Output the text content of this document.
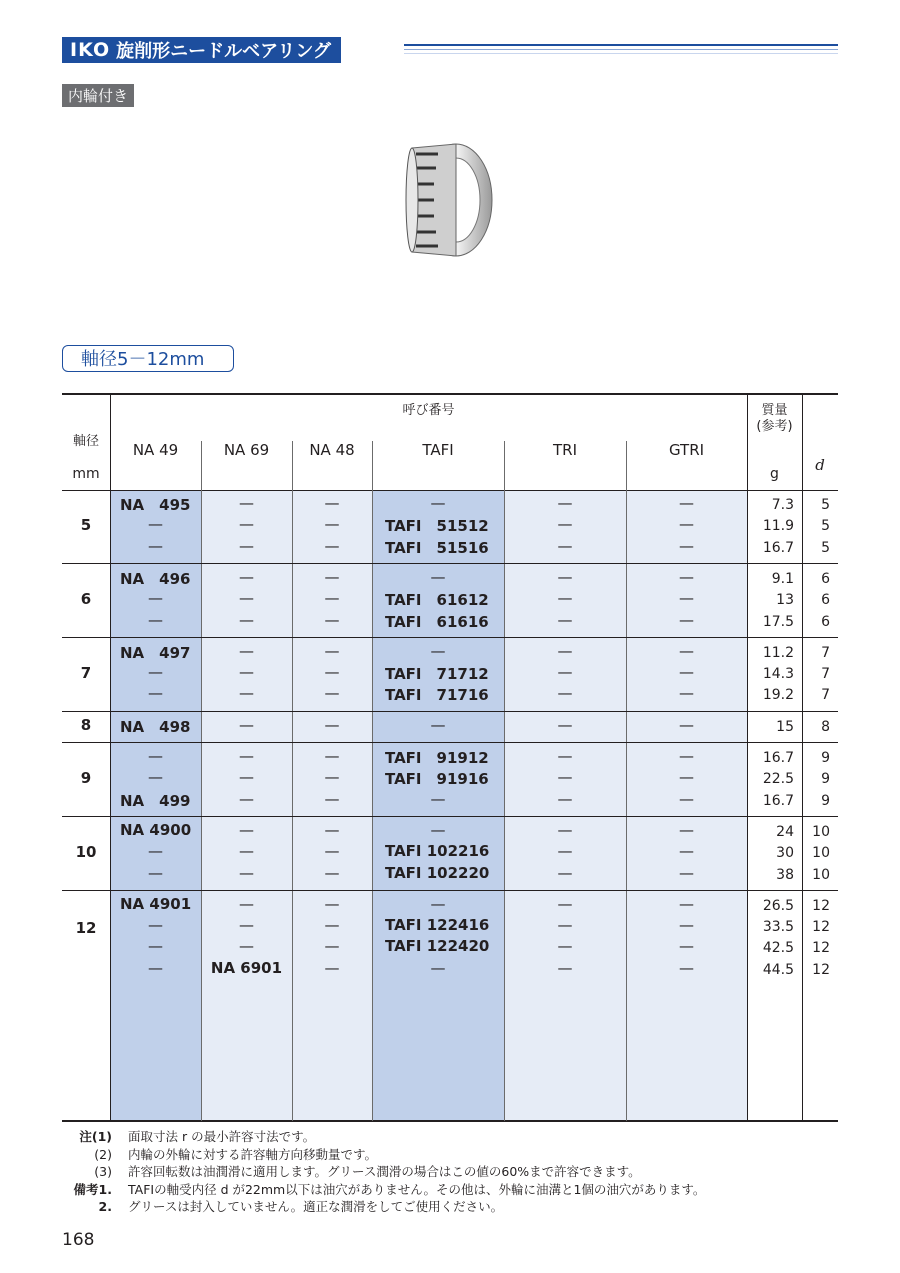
IKO 旋削形ニードルベアリング
内輪付き
軸径5－12mm
軸径
mm
呼び番号
NA 49	NA 69	NA 48	TAFI	TRI	GTRI
質量
(参考)
g	d
5
NA　495	—	—	—	—	—	7.3	5
—	—	—	TAFI　51512	—	—	11.9	5
—	—	—	TAFI　51516	—	—	16.7	5
6
NA　496	—	—	—	—	—	9.1	6
—	—	—	TAFI　61612	—	—	13	6
—	—	—	TAFI　61616	—	—	17.5	6
7
NA　497	—	—	—	—	—	11.2	7
—	—	—	TAFI　71712	—	—	14.3	7
—	—	—	TAFI　71716	—	—	19.2	7
8	NA　498	—	—	—	—	—	15	8
9
—	—	—	TAFI　91912	—	—	16.7	9
—	—	—	TAFI　91916	—	—	22.5	9
NA　499	—	—	—	—	—	16.7	9
10
NA 4900	—	—	—	—	—	24	10
—	—	—	TAFI 102216	—	—	30	10
—	—	—	TAFI 102220	—	—	38	10
12
NA 4901	—	—	—	—	—	26.5	12
—	—	—	TAFI 122416	—	—	33.5	12
—	—	—	TAFI 122420	—	—	42.5	12
—	NA 6901	—	—	—	—	44.5	12
注(1)	面取寸法 r の最小許容寸法です。
(2)	内輪の外輪に対する許容軸方向移動量です。
(3)	許容回転数は油潤滑に適用します。グリース潤滑の場合はこの値の60%まで許容できます。
備考1.	TAFIの軸受内径 d が22mm以下は油穴がありません。その他は、外輪に油溝と1個の油穴があります。
2.	グリースは封入していません。適正な潤滑をしてご使用ください。
168
